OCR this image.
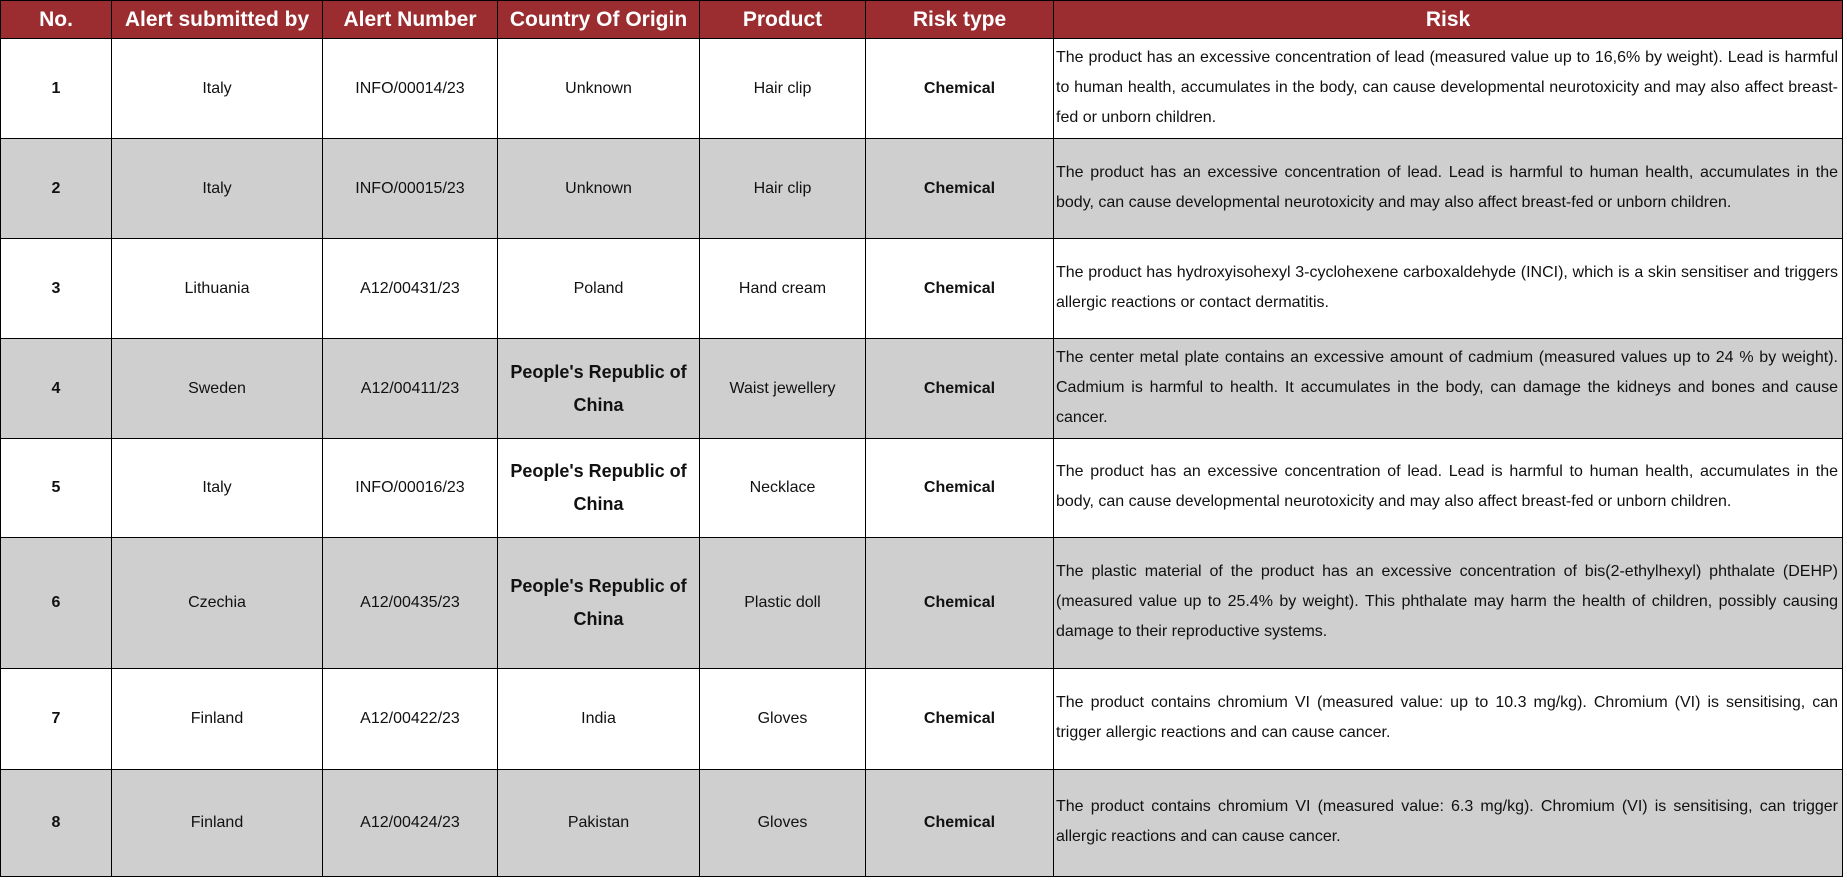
No.	Alert submitted by	Alert Number	Country Of Origin	Product	Risk type	Risk
1	Italy	INFO/00014/23	Unknown	Hair clip	Chemical	The product has an excessive concentration of lead (measured value up to 16,6% by weight). Lead is harmful to human health, accumulates in the body, can cause developmental neurotoxicity and may also affect breast-fed or unborn children.
2	Italy	INFO/00015/23	Unknown	Hair clip	Chemical	The product has an excessive concentration of lead. Lead is harmful to human health, accumulates in the body, can cause developmental neurotoxicity and may also affect breast-fed or unborn children.
3	Lithuania	A12/00431/23	Poland	Hand cream	Chemical	The product has hydroxyisohexyl 3-cyclohexene carboxaldehyde (INCI), which is a skin sensitiser and triggers allergic reactions or contact dermatitis.
4	Sweden	A12/00411/23	People's Republic of China	Waist jewellery	Chemical	The center metal plate contains an excessive amount of cadmium (measured values up to 24 % by weight). Cadmium is harmful to health. It accumulates in the body, can damage the kidneys and bones and cause cancer.
5	Italy	INFO/00016/23	People's Republic of China	Necklace	Chemical	The product has an excessive concentration of lead. Lead is harmful to human health, accumulates in the body, can cause developmental neurotoxicity and may also affect breast-fed or unborn children.
6	Czechia	A12/00435/23	People's Republic of China	Plastic doll	Chemical	The plastic material of the product has an excessive concentration of bis(2-ethylhexyl) phthalate (DEHP) (measured value up to 25.4% by weight). This phthalate may harm the health of children, possibly causing damage to their reproductive systems.
7	Finland	A12/00422/23	India	Gloves	Chemical	The product contains chromium VI (measured value: up to 10.3 mg/kg). Chromium (VI) is sensitising, can trigger allergic reactions and can cause cancer.
8	Finland	A12/00424/23	Pakistan	Gloves	Chemical	The product contains chromium VI (measured value: 6.3 mg/kg). Chromium (VI) is sensitising, can trigger allergic reactions and can cause cancer.
